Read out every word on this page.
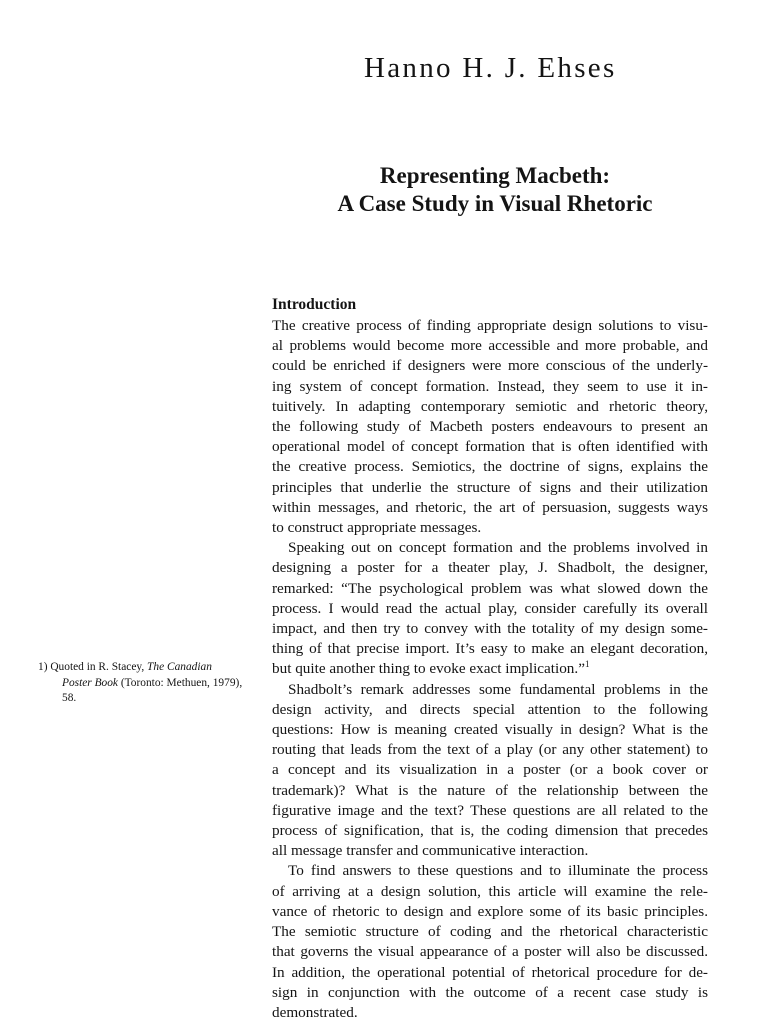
Hanno H. J. Ehses
Representing Macbeth:
A Case Study in Visual Rhetoric
Introduction
The creative process of finding appropriate design solutions to visu-
al problems would become more accessible and more probable, and
could be enriched if designers were more conscious of the underly-
ing system of concept formation. Instead, they seem to use it in-
tuitively. In adapting contemporary semiotic and rhetoric theory,
the following study of Macbeth posters endeavours to present an
operational model of concept formation that is often identified with
the creative process. Semiotics, the doctrine of signs, explains the
principles that underlie the structure of signs and their utilization
within messages, and rhetoric, the art of persuasion, suggests ways
to construct appropriate messages.
Speaking out on concept formation and the problems involved in
designing a poster for a theater play, J. Shadbolt, the designer,
remarked: “The psychological problem was what slowed down the
process. I would read the actual play, consider carefully its overall
impact, and then try to convey with the totality of my design some-
thing of that precise import. It’s easy to make an elegant decoration,
but quite another thing to evoke exact implication.”$^1$
Shadbolt’s remark addresses some fundamental problems in the
design activity, and directs special attention to the following
questions: How is meaning created visually in design? What is the
routing that leads from the text of a play (or any other statement) to
a concept and its visualization in a poster (or a book cover or
trademark)? What is the nature of the relationship between the
figurative image and the text? These questions are all related to the
process of signification, that is, the coding dimension that precedes
all message transfer and communicative interaction.
To find answers to these questions and to illuminate the process
of arriving at a design solution, this article will examine the rele-
vance of rhetoric to design and explore some of its basic principles.
The semiotic structure of coding and the rhetorical characteristic
that governs the visual appearance of a poster will also be discussed.
In addition, the operational potential of rhetorical procedure for de-
sign in conjunction with the outcome of a recent case study is
demonstrated.
1) Quoted in R. Stacey, The Canadian
Poster Book (Toronto: Methuen, 1979),
58.
